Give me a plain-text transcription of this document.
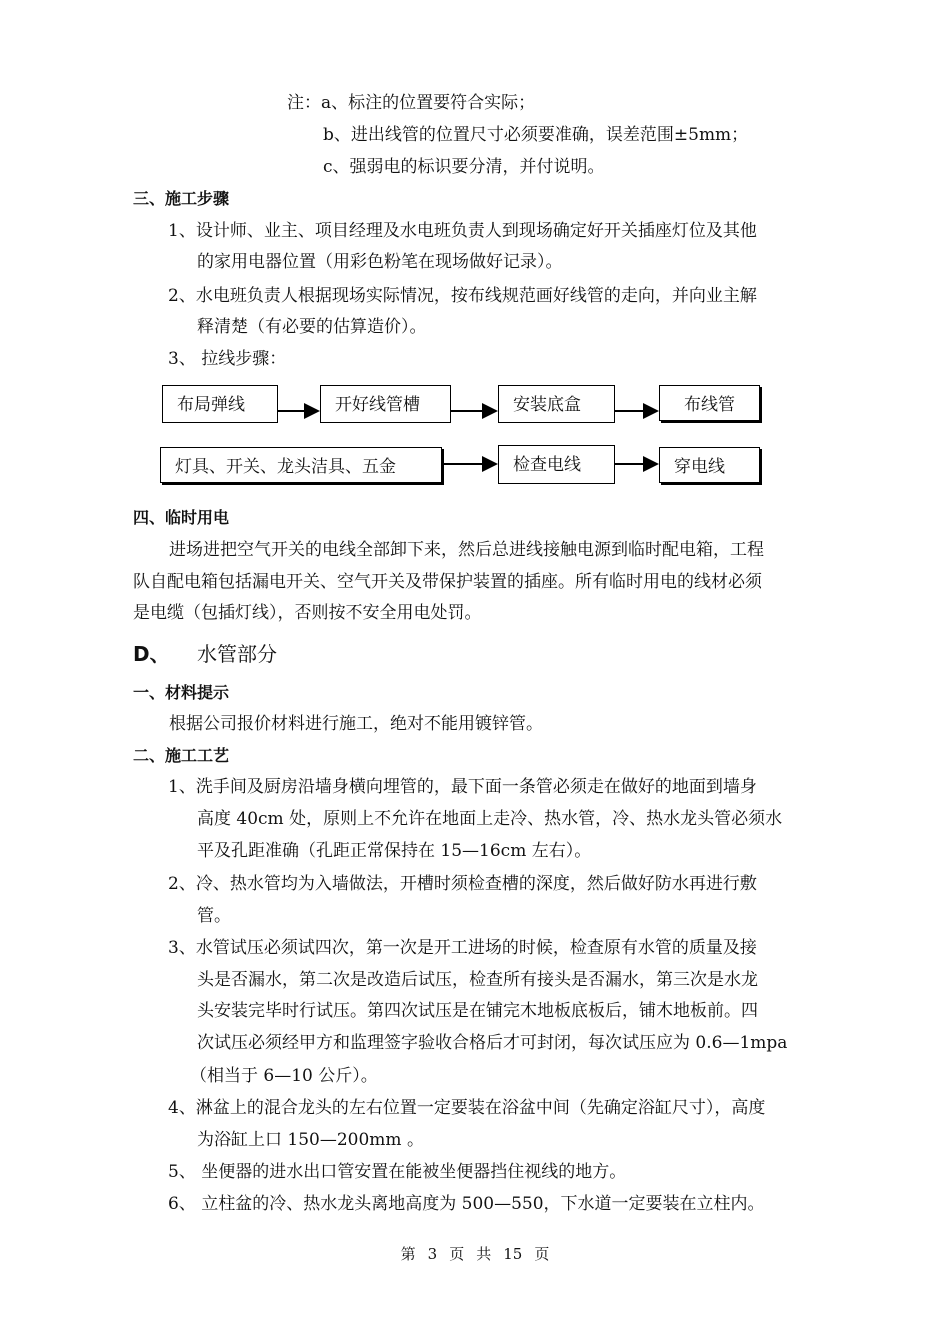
注：a、标注的位置要符合实际；
b、进出线管的位置尺寸必须要准确，误差范围±5mm；
c、强弱电的标识要分清，并付说明。
三、施工步骤
1、设计师、业主、项目经理及水电班负责人到现场确定好开关插座灯位及其他
的家用电器位置（用彩色粉笔在现场做好记录）。
2、水电班负责人根据现场实际情况，按布线规范画好线管的走向，并向业主解
释清楚（有必要的估算造价）。
3、 拉线步骤：
布局弹线	开好线管槽	安装底盒	布线管
灯具、开关、龙头洁具、五金	检查电线	穿电线
四、临时用电
进场进把空气开关的电线全部卸下来，然后总进线接触电源到临时配电箱，工程
队自配电箱包括漏电开关、空气开关及带保护装置的插座。所有临时用电的线材必须
是电缆（包插灯线），否则按不安全用电处罚。
D、 水管部分
一、材料提示
根据公司报价材料进行施工，绝对不能用镀锌管。
二、施工工艺
1、洗手间及厨房沿墙身横向埋管的，最下面一条管必须走在做好的地面到墙身
高度 40cm 处，原则上不允许在地面上走冷、热水管，冷、热水龙头管必须水
平及孔距准确（孔距正常保持在 15—16cm 左右）。
2、冷、热水管均为入墙做法，开槽时须检查槽的深度，然后做好防水再进行敷
管。
3、水管试压必须试四次，第一次是开工进场的时候，检查原有水管的质量及接
头是否漏水，第二次是改造后试压，检查所有接头是否漏水，第三次是水龙
头安装完毕时行试压。第四次试压是在铺完木地板底板后，铺木地板前。四
次试压必须经甲方和监理签字验收合格后才可封闭，每次试压应为 0.6—1mpa
（相当于 6—10 公斤）。
4、淋盆上的混合龙头的左右位置一定要装在浴盆中间（先确定浴缸尺寸），高度
为浴缸上口 150—200mm 。
5、 坐便器的进水出口管安置在能被坐便器挡住视线的地方。
6、 立柱盆的冷、热水龙头离地高度为 500—550，下水道一定要装在立柱内。
第 3 页 共 15 页
